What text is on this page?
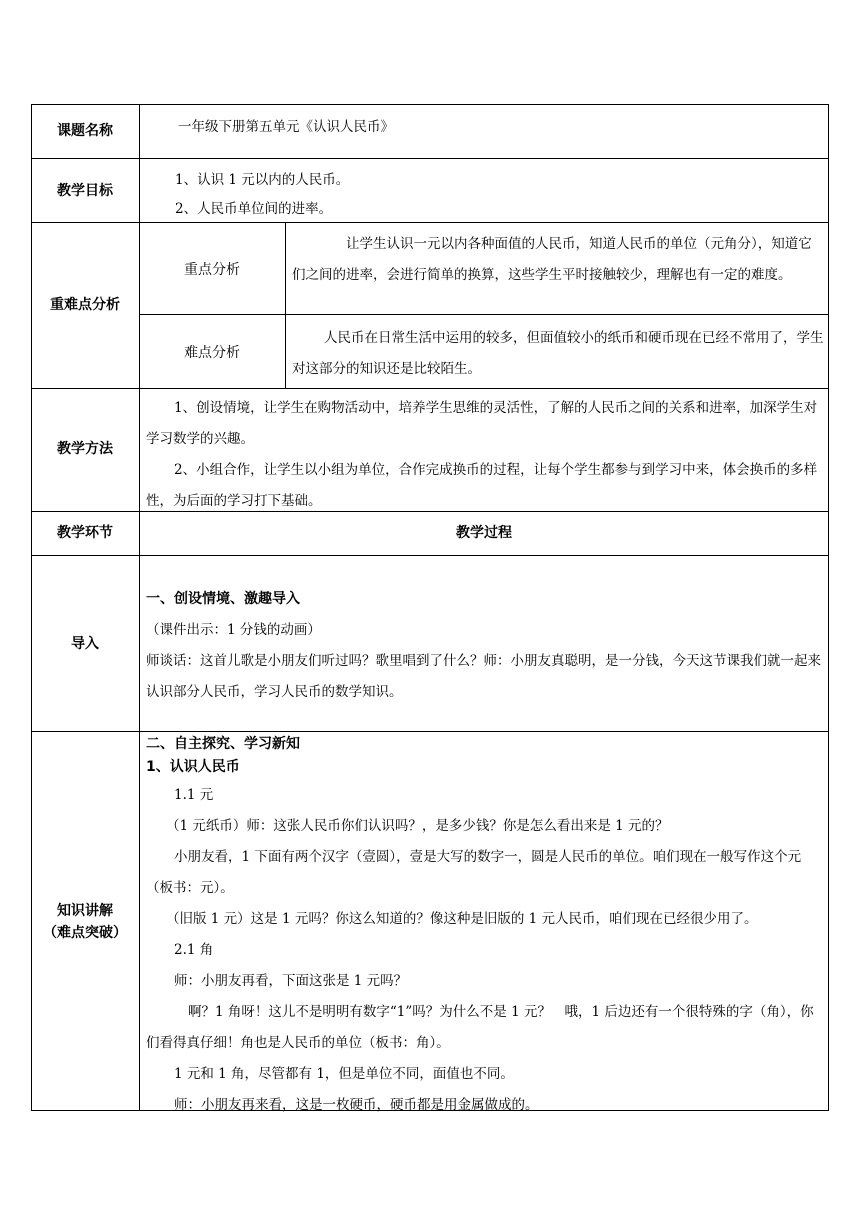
课题名称	一年级下册第五单元《认识人民币》

教学目标

1、认识 1 元以内的人民币。

2、人民币单位间的进率。

重难点分析
重点分析

让学生认识一元以内各种面值的人民币，知道人民币的单位（元角分），知道它们之间的进率，会进行简单的换算，这些学生平时接触较少，理解也有一定的难度。

难点分析

人民币在日常生活中运用的较多，但面值较小的纸币和硬币现在已经不常用了，学生对这部分的知识还是比较陌生。

教学方法

1、创设情境，让学生在购物活动中，培养学生思维的灵活性，了解的人民币之间的关系和进率，加深学生对学习数学的兴趣。

2、小组合作，让学生以小组为单位，合作完成换币的过程，让每个学生都参与到学习中来，体会换币的多样性，为后面的学习打下基础。

教学环节	教学过程
导入

一、创设情境、激趣导入

（课件出示：1 分钱的动画）

师谈话：这首儿歌是小朋友们听过吗？歌里唱到了什么？师：小朋友真聪明，是一分钱，今天这节课我们就一起来认识部分人民币，学习人民币的数学知识。

知识讲解
（难点突破）

二、自主探究、学习新知

1、认识人民币

1.1 元

（1 元纸币）师：这张人民币你们认识吗？，是多少钱？你是怎么看出来是 1 元的？

小朋友看，1 下面有两个汉字（壹圆），壹是大写的数字一，圆是人民币的单位。咱们现在一般写作这个元（板书：元）。

（旧版 1 元）这是 1 元吗？你这么知道的？像这种是旧版的 1 元人民币，咱们现在已经很少用了。

2.1 角

师：小朋友再看，下面这张是 1 元吗？

啊？1 角呀！这儿不是明明有数字“1”吗？为什么不是 1 元？　哦，1 后边还有一个很特殊的字（角），你们看得真仔细！角也是人民币的单位（板书：角）。

1 元和 1 角，尽管都有 1，但是单位不同，面值也不同。

师：小朋友再来看，这是一枚硬币，硬币都是用金属做成的。
